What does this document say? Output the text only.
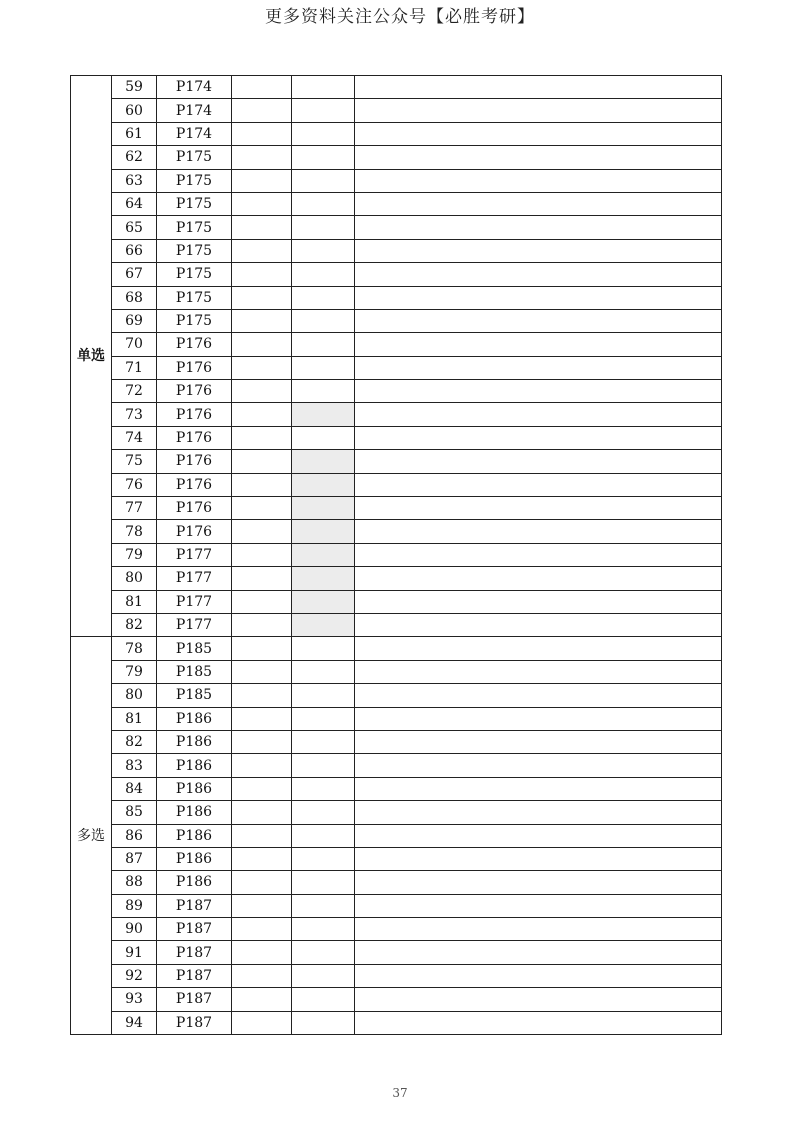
更多资料关注公众号【必胜考研】
单选	59	P174			
	60	P174			
	61	P174			
	62	P175			
	63	P175			
	64	P175			
	65	P175			
	66	P175			
	67	P175			
	68	P175			
	69	P175			
	70	P176			
	71	P176			
	72	P176			
	73	P176			
	74	P176			
	75	P176			
	76	P176			
	77	P176			
	78	P176			
	79	P177			
	80	P177			
	81	P177			
	82	P177			
多选	78	P185			
	79	P185			
	80	P185			
	81	P186			
	82	P186			
	83	P186			
	84	P186			
	85	P186			
	86	P186			
	87	P186			
	88	P186			
	89	P187			
	90	P187			
	91	P187			
	92	P187			
	93	P187			
	94	P187			
37
